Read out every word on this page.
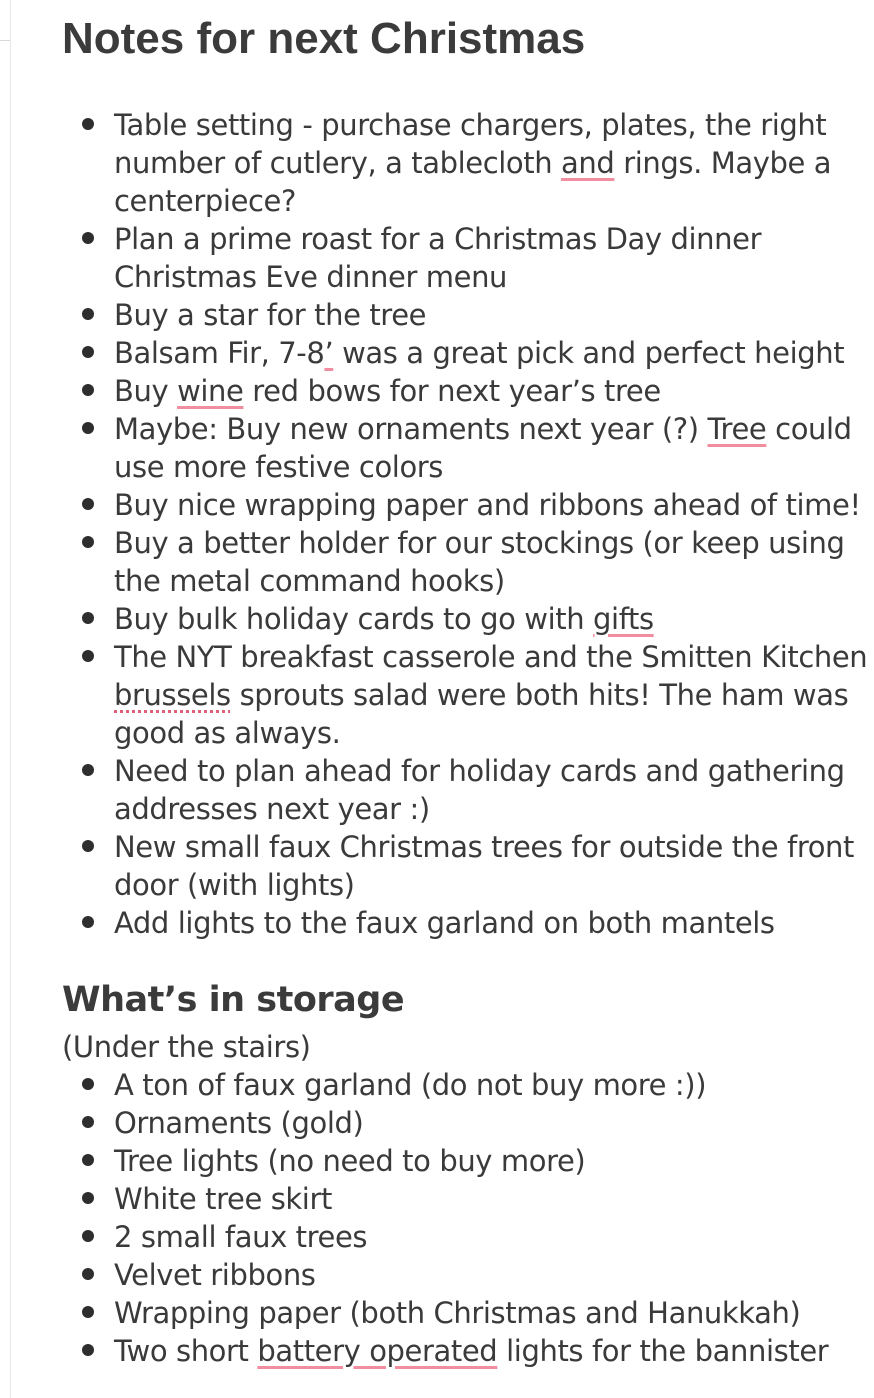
Notes for next Christmas
Table setting - purchase chargers, plates, the right number of cutlery, a tablecloth and rings. Maybe a centerpiece?
Plan a prime roast for a Christmas Day dinner Christmas Eve dinner menu
Buy a star for the tree
Balsam Fir, 7-8’ was a great pick and perfect height
Buy wine red bows for next year’s tree
Maybe: Buy new ornaments next year (?) Tree could use more festive colors
Buy nice wrapping paper and ribbons ahead of time!
Buy a better holder for our stockings (or keep using the metal command hooks)
Buy bulk holiday cards to go with gifts
The NYT breakfast casserole and the Smitten Kitchen brussels sprouts salad were both hits! The ham was good as always.
Need to plan ahead for holiday cards and gathering addresses next year :)
New small faux Christmas trees for outside the front door (with lights)
Add lights to the faux garland on both mantels
What’s in storage
(Under the stairs)
A ton of faux garland (do not buy more :))
Ornaments (gold)
Tree lights (no need to buy more)
White tree skirt
2 small faux trees
Velvet ribbons
Wrapping paper (both Christmas and Hanukkah)
Two short battery operated lights for the bannister
